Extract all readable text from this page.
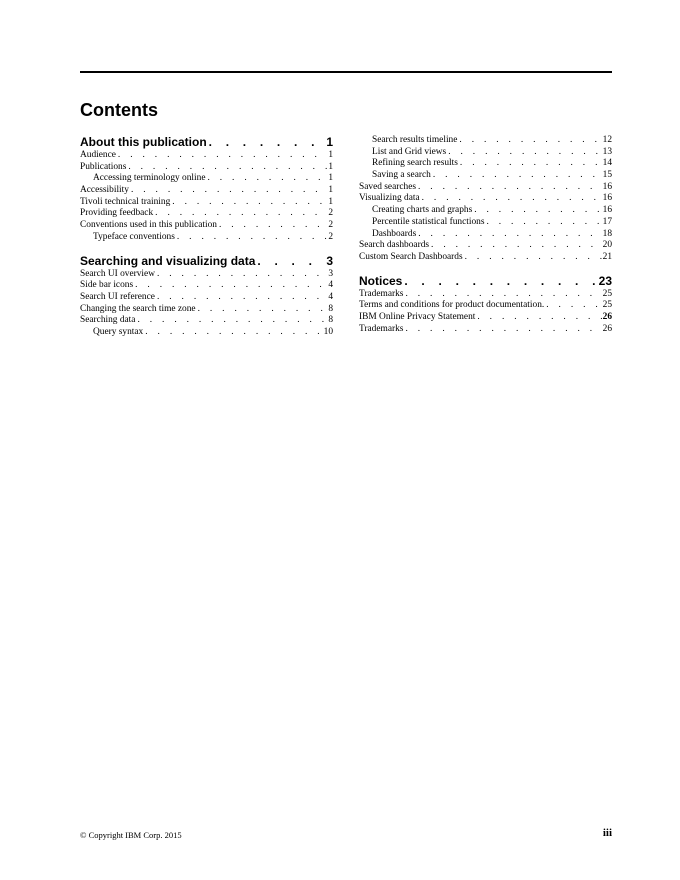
Contents
About this publication . . .	1
Audience . . .	1
Publications . . .	1
Accessing terminology online . . .	1
Accessibility . . .	1
Tivoli technical training . . .	1
Providing feedback . . .	2
Conventions used in this publication . . .	2
Typeface conventions . . .	2
Searching and visualizing data . . .	3
Search UI overview . . .	3
Side bar icons . . .	4
Search UI reference . . .	4
Changing the search time zone . . .	8
Searching data . . .	8
Query syntax . . .	10
Search results timeline . . .	12
List and Grid views . . .	13
Refining search results . . .	14
Saving a search . . .	15
Saved searches . . .	16
Visualizing data . . .	16
Creating charts and graphs . . .	16
Percentile statistical functions . . .	17
Dashboards . . .	18
Search dashboards . . .	20
Custom Search Dashboards . . .	21
Notices . . .	23
Trademarks . . .	25
Terms and conditions for product documentation. . . .	25
IBM Online Privacy Statement . . .	26
Trademarks . . .	26
© Copyright IBM Corp. 2015	iii
